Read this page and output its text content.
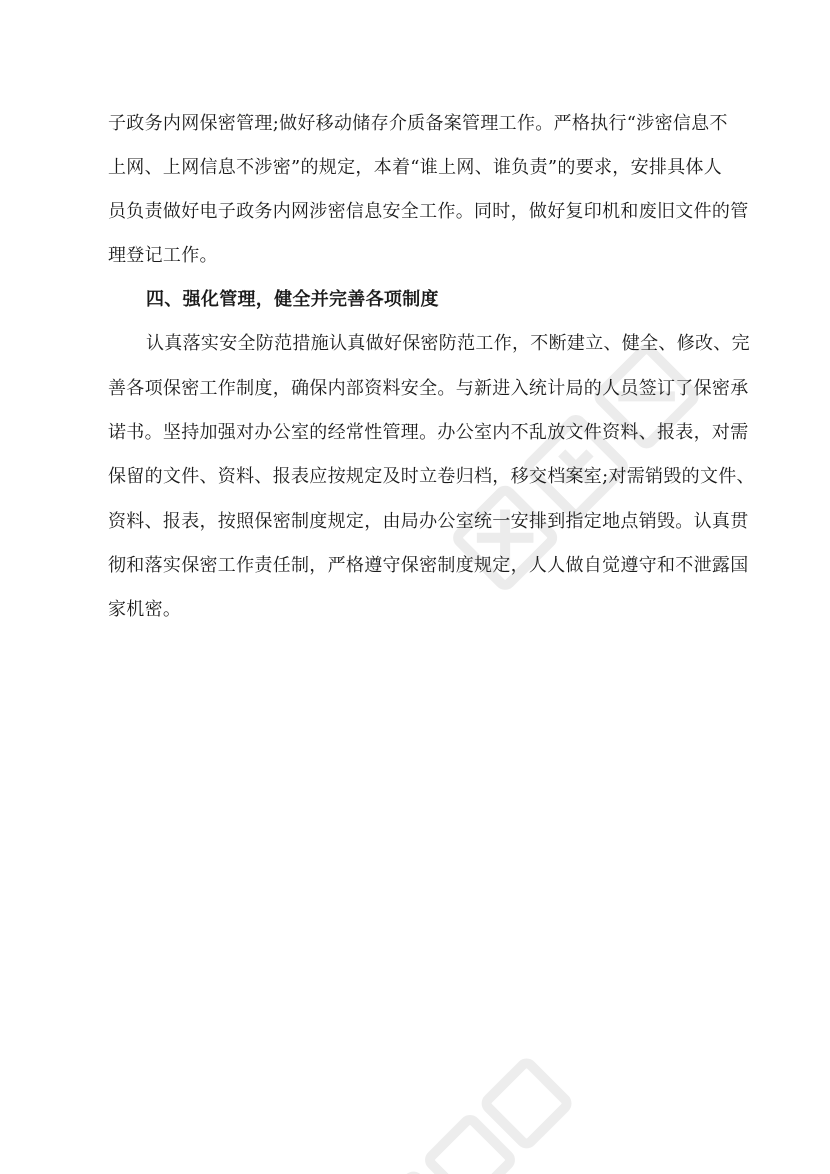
子政务内网保密管理;做好移动储存介质备案管理工作。严格执行“涉密信息不
上网、上网信息不涉密”的规定，本着“谁上网、谁负责”的要求，安排具体人
员负责做好电子政务内网涉密信息安全工作。同时，做好复印机和废旧文件的管
理登记工作。
四、强化管理，健全并完善各项制度
认真落实安全防范措施认真做好保密防范工作，不断建立、健全、修改、完
善各项保密工作制度，确保内部资料安全。与新进入统计局的人员签订了保密承
诺书。坚持加强对办公室的经常性管理。办公室内不乱放文件资料、报表，对需
保留的文件、资料、报表应按规定及时立卷归档，移交档案室;对需销毁的文件、
资料、报表，按照保密制度规定，由局办公室统一安排到指定地点销毁。认真贯
彻和落实保密工作责任制，严格遵守保密制度规定，人人做自觉遵守和不泄露国
家机密。
